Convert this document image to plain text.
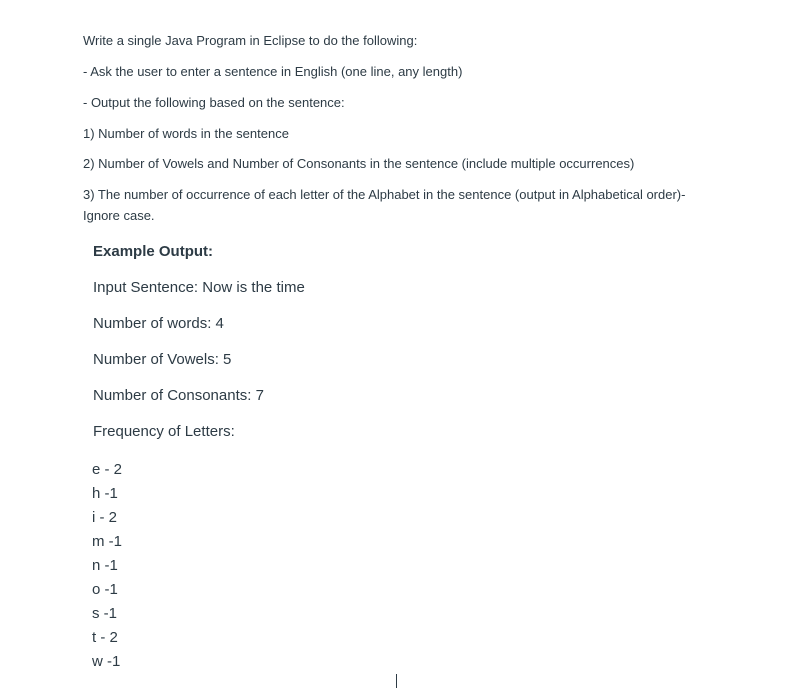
Write a single Java Program in Eclipse to do the following:
- Ask the user to enter a sentence in English (one line, any length)
- Output the following based on the sentence:
1) Number of words in the sentence
2) Number of Vowels and Number of Consonants in the sentence (include multiple occurrences)
3) The number of occurrence of each letter of the Alphabet in the sentence (output in Alphabetical order)- Ignore case.
Example Output:
Input Sentence: Now is the time
Number of words: 4
Number of Vowels: 5
Number of Consonants: 7
Frequency of Letters:
e - 2
h -1
i - 2
m -1
n -1
o -1
s -1
t - 2
w -1
